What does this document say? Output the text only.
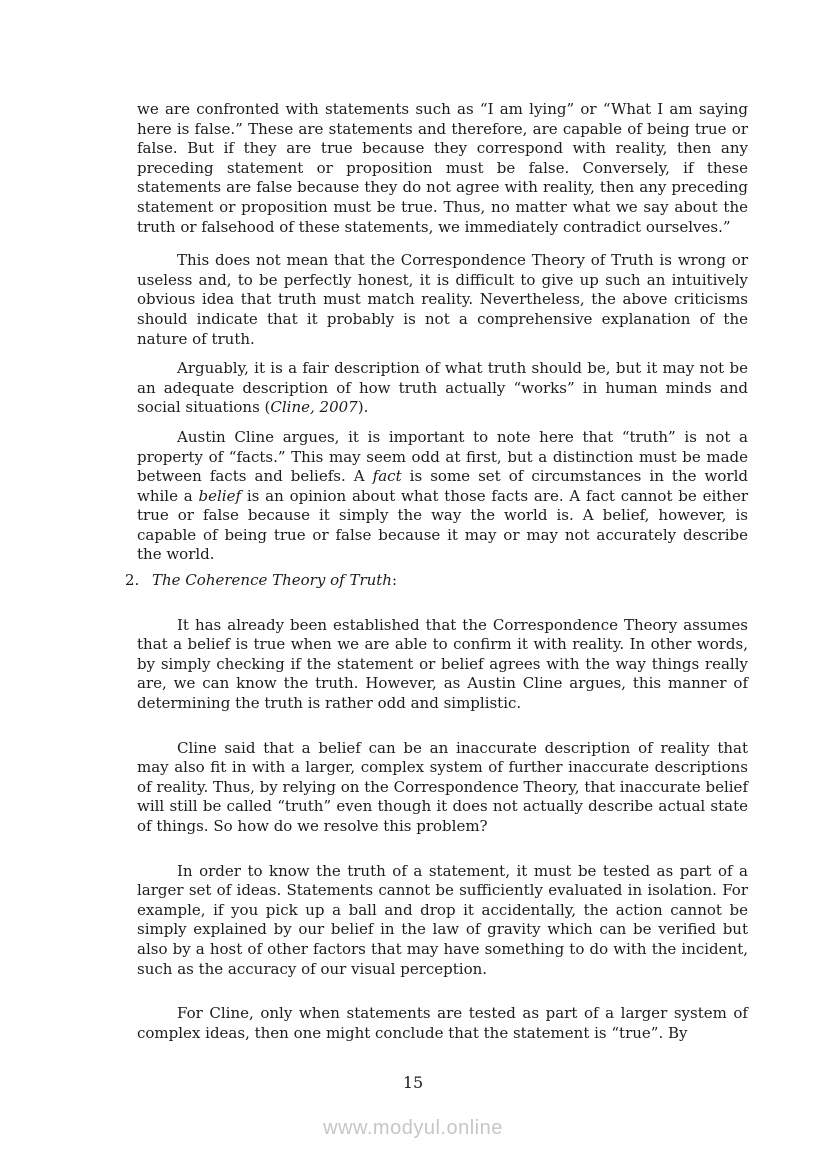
we are confronted with statements such as “I am lying” or “What I am saying here is false.” These are statements and therefore, are capable of being true or false. But if they are true because they correspond with reality, then any preceding statement or proposition must be false. Conversely, if these statements are false because they do not agree with reality, then any preceding statement or proposition must be true. Thus, no matter what we say about the truth or falsehood of these statements, we immediately contradict ourselves.”

This does not mean that the Correspondence Theory of Truth is wrong or useless and, to be perfectly honest, it is difficult to give up such an intuitively obvious idea that truth must match reality. Nevertheless, the above criticisms should indicate that it probably is not a comprehensive explanation of the nature of truth.

Arguably, it is a fair description of what truth should be, but it may not be an adequate description of how truth actually “works” in human minds and social situations (Cline, 2007).

Austin Cline argues, it is important to note here that “truth” is not a property of “facts.” This may seem odd at first, but a distinction must be made between facts and beliefs. A fact is some set of circumstances in the world while a belief is an opinion about what those facts are. A fact cannot be either true or false because it simply the way the world is. A belief, however, is capable of being true or false because it may or may not accurately describe the world.

2. The Coherence Theory of Truth:

It has already been established that the Correspondence Theory assumes that a belief is true when we are able to confirm it with reality. In other words, by simply checking if the statement or belief agrees with the way things really are, we can know the truth. However, as Austin Cline argues, this manner of determining the truth is rather odd and simplistic.

Cline said that a belief can be an inaccurate description of reality that may also fit in with a larger, complex system of further inaccurate descriptions of reality. Thus, by relying on the Correspondence Theory, that inaccurate belief will still be called “truth” even though it does not actually describe actual state of things. So how do we resolve this problem?

In order to know the truth of a statement, it must be tested as part of a larger set of ideas. Statements cannot be sufficiently evaluated in isolation. For example, if you pick up a ball and drop it accidentally, the action cannot be simply explained by our belief in the law of gravity which can be verified but also by a host of other factors that may have something to do with the incident, such as the accuracy of our visual perception.

For Cline, only when statements are tested as part of a larger system of complex ideas, then one might conclude that the statement is “true”. By

15
www.modyul.online
